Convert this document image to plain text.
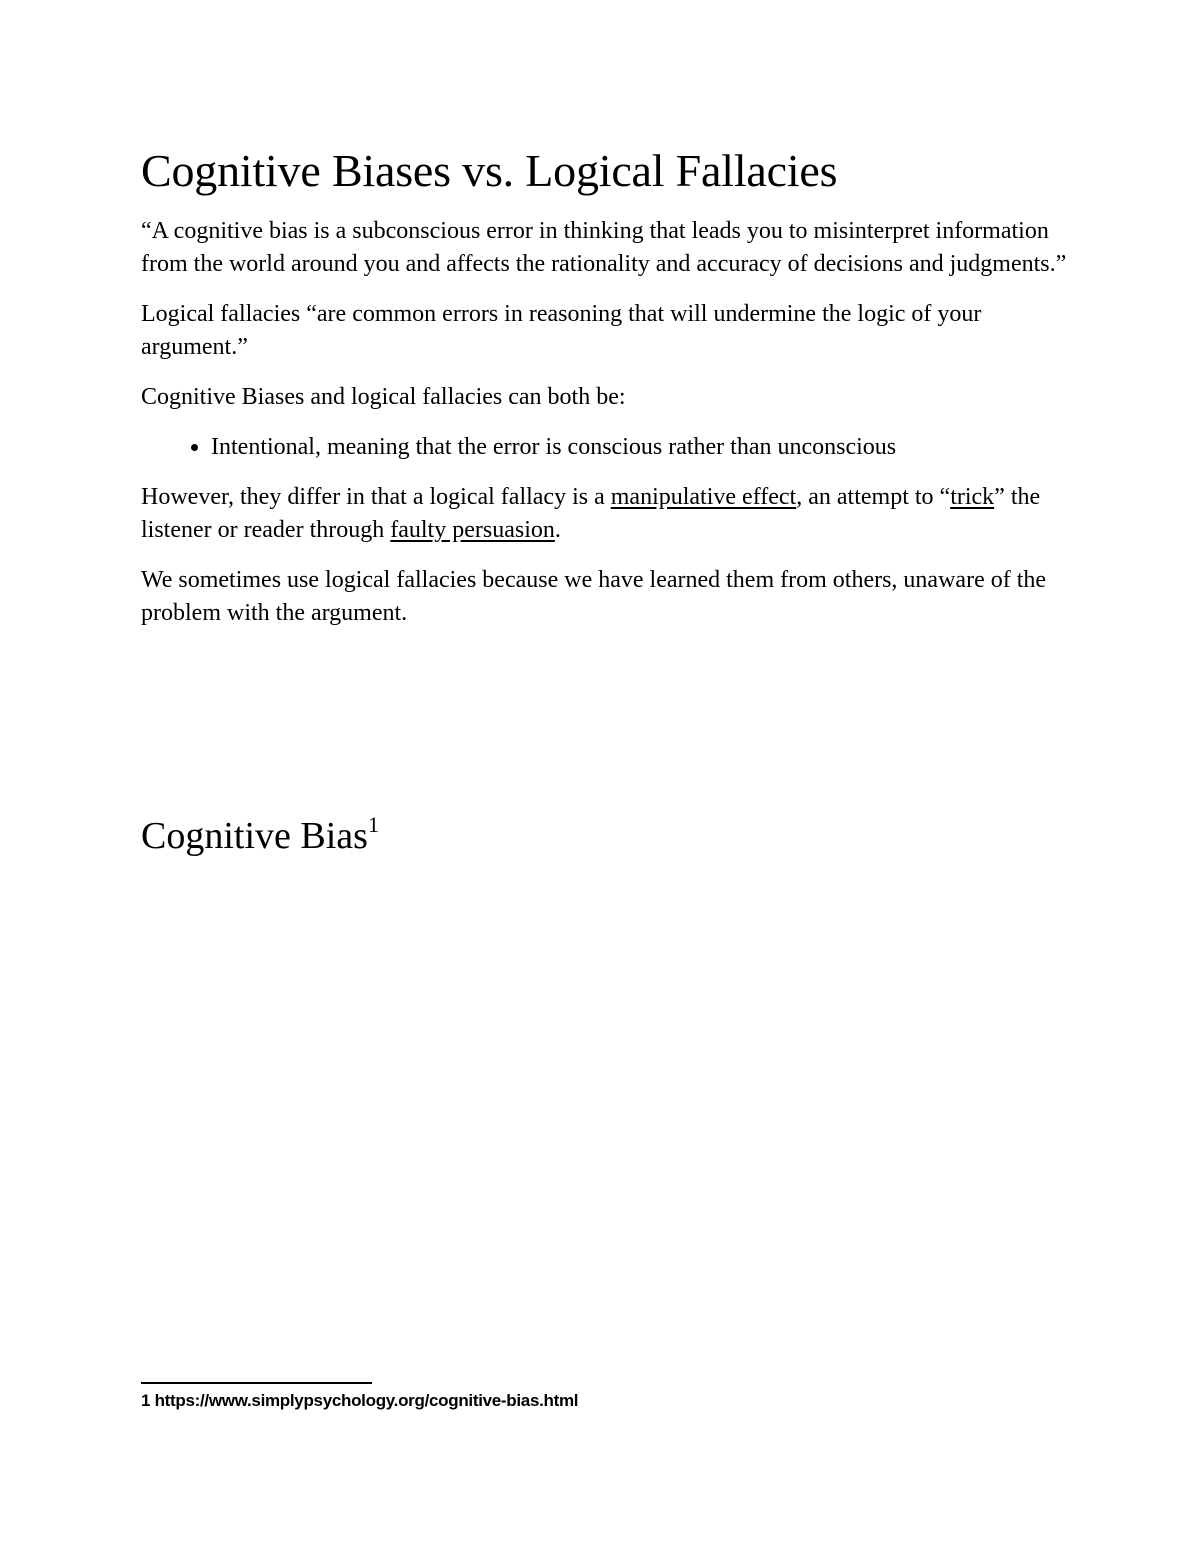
Cognitive Biases vs. Logical Fallacies

“A cognitive bias is a subconscious error in thinking that leads you to misinterpret information from the world around you and affects the rationality and accuracy of decisions and judgments.”

Logical fallacies “are common errors in reasoning that will undermine the logic of your argument.”

Cognitive Biases and logical fallacies can both be:

• Intentional, meaning that the error is conscious rather than unconscious

However, they differ in that a logical fallacy is a manipulative effect, an attempt to “trick” the listener or reader through faulty persuasion.

We sometimes use logical fallacies because we have learned them from others, unaware of the problem with the argument.

Cognitive Bias$^1$
1 https://www.simplypsychology.org/cognitive-bias.html
